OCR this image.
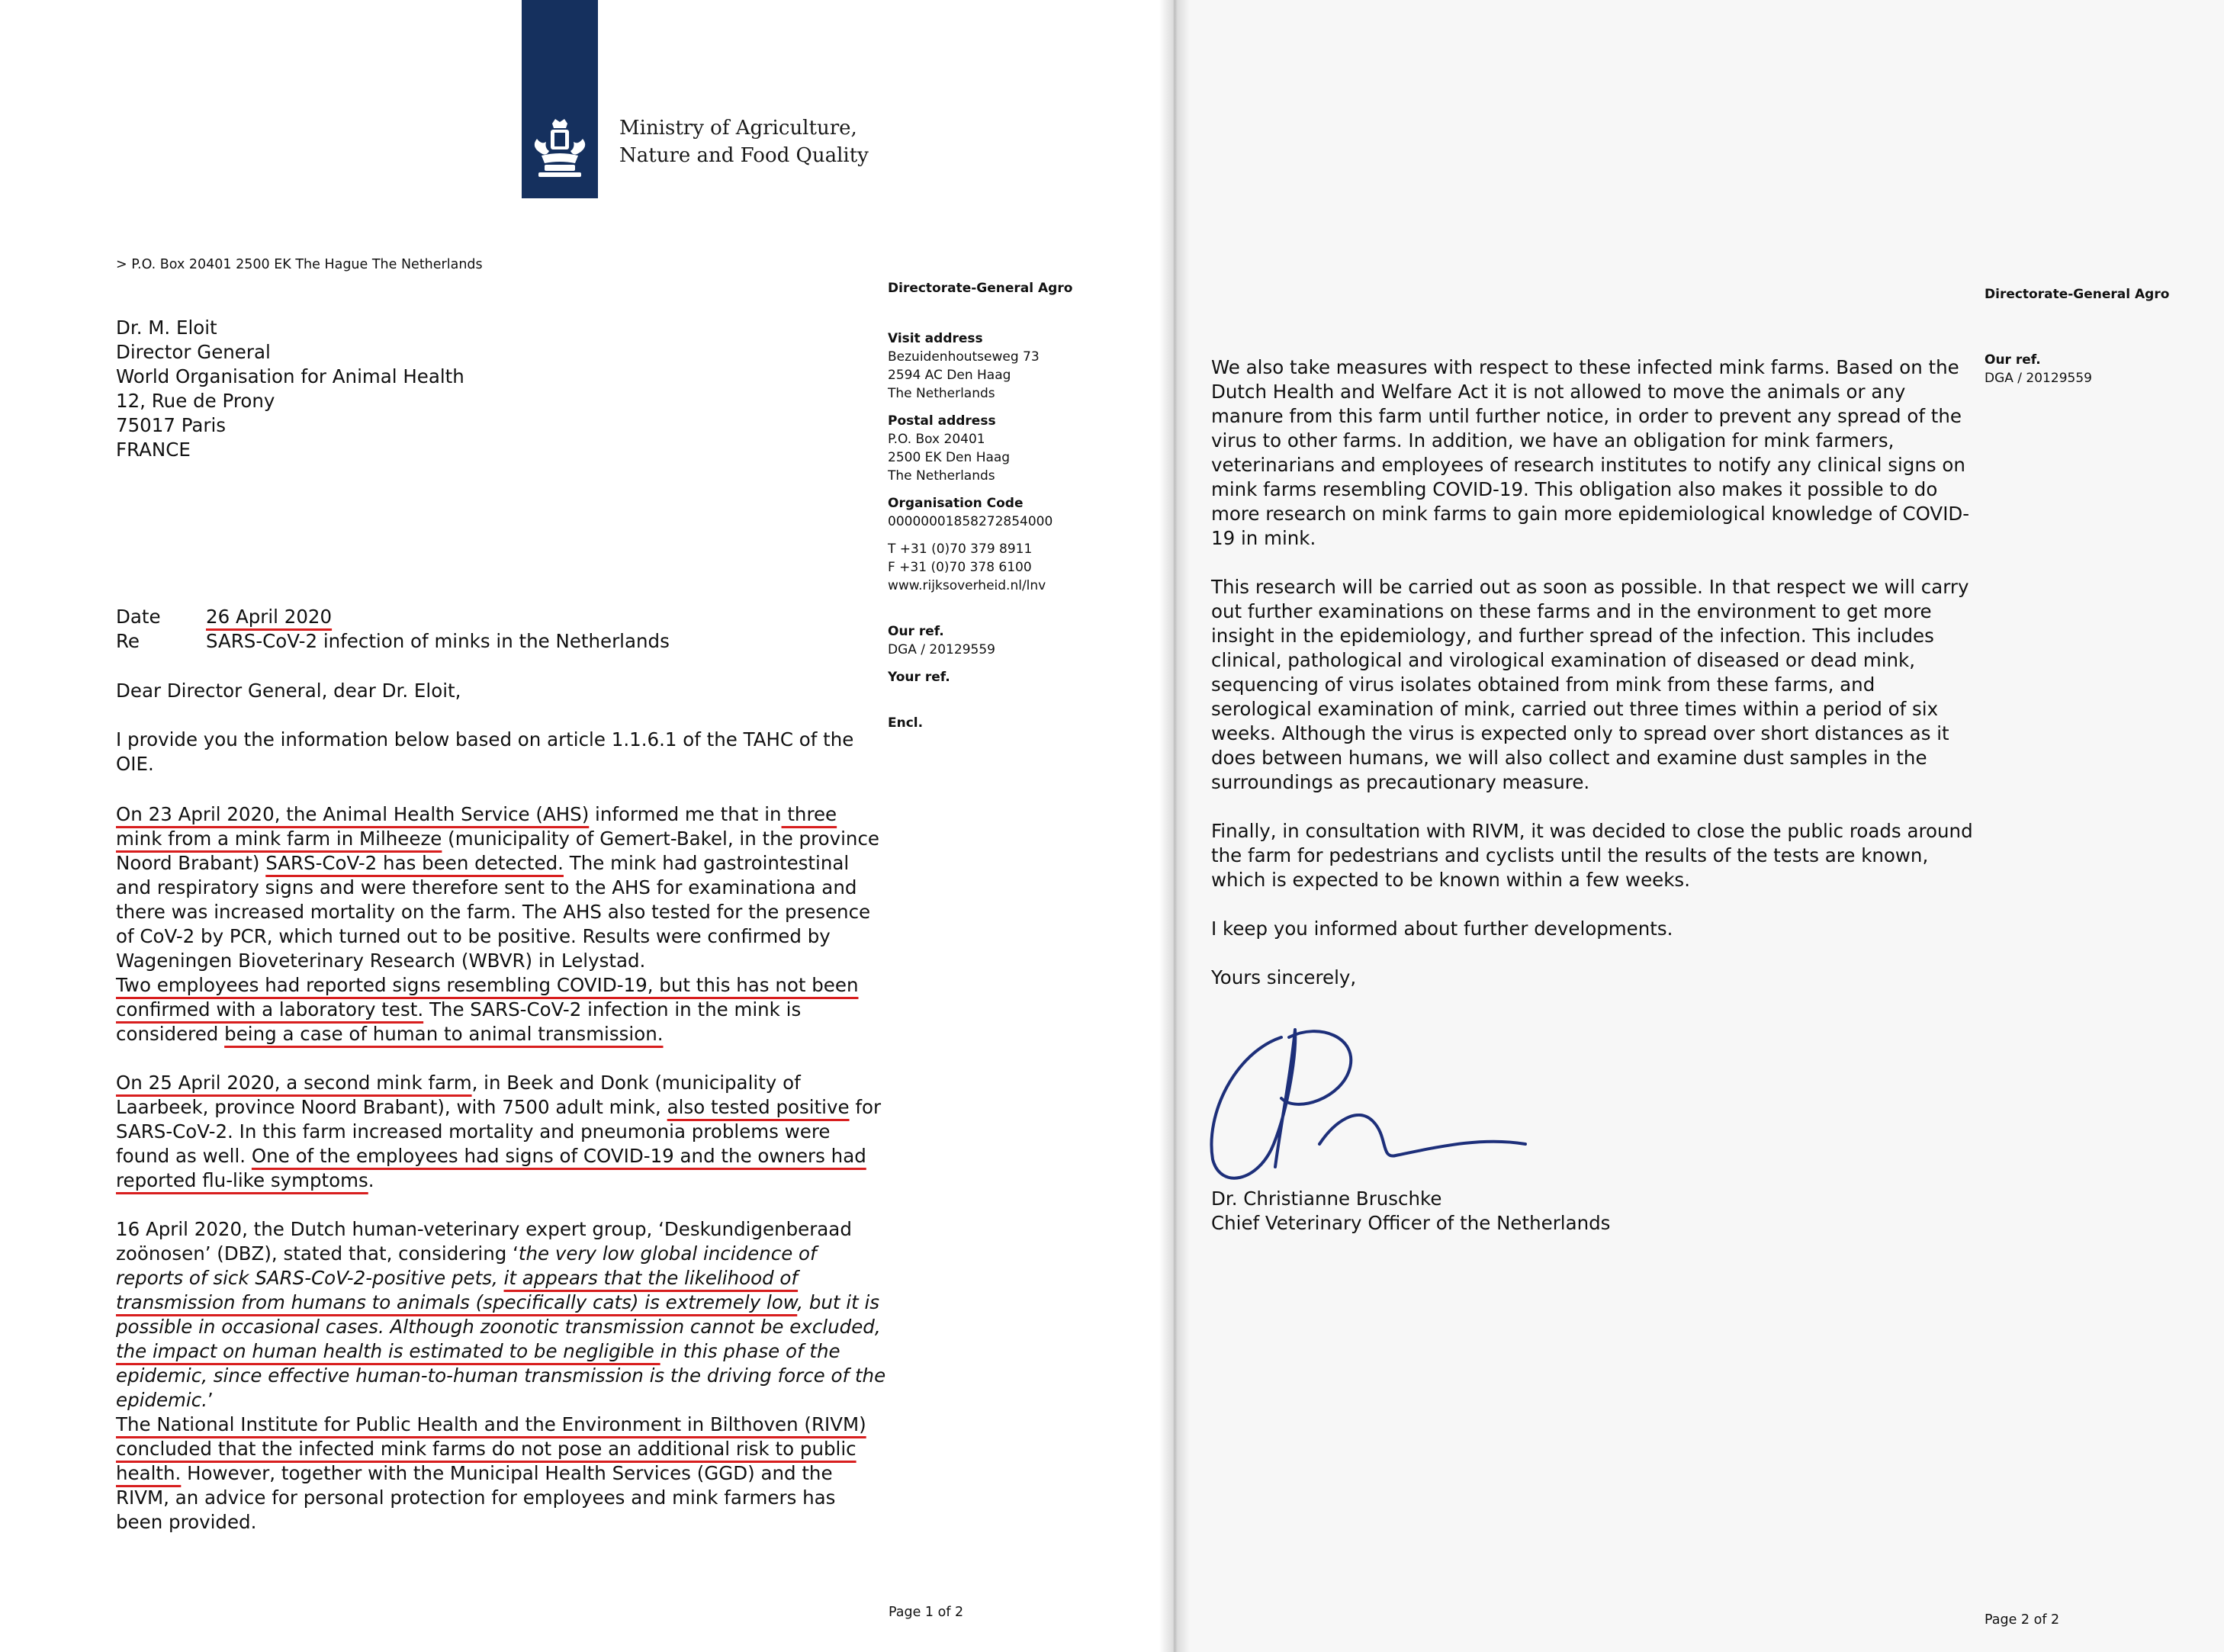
Ministry of Agriculture,
Nature and Food Quality
> P.O. Box 20401 2500 EK The Hague The Netherlands
Dr. M. Eloit
Director General
World Organisation for Animal Health
12, Rue de Prony
75017 Paris
FRANCE
Directorate-General Agro
Visit address
Bezuidenhoutseweg 73
2594 AC Den Haag
The Netherlands
Postal address
P.O. Box 20401
2500 EK Den Haag
The Netherlands
Organisation Code
00000001858272854000
T +31 (0)70 379 8911
F +31 (0)70 378 6100
www.rijksoverheid.nl/lnv
Our ref.
DGA / 20129559
Your ref.
Encl.
Date	26 April 2020
Re	SARS-CoV-2 infection of minks in the Netherlands
Dear Director General, dear Dr. Eloit,
I provide you the information below based on article 1.1.6.1 of the TAHC of the OIE.
On 23 April 2020, the Animal Health Service (AHS) informed me that in three mink from a mink farm in Milheeze (municipality of Gemert-Bakel, in the province Noord Brabant) SARS-CoV-2 has been detected. The mink had gastrointestinal and respiratory signs and were therefore sent to the AHS for examinationa and there was increased mortality on the farm. The AHS also tested for the presence of CoV-2 by PCR, which turned out to be positive. Results were confirmed by Wageningen Bioveterinary Research (WBVR) in Lelystad.
Two employees had reported signs resembling COVID-19, but this has not been confirmed with a laboratory test. The SARS-CoV-2 infection in the mink is considered being a case of human to animal transmission.
On 25 April 2020, a second mink farm, in Beek and Donk (municipality of Laarbeek, province Noord Brabant), with 7500 adult mink, also tested positive for SARS-CoV-2. In this farm increased mortality and pneumonia problems were found as well. One of the employees had signs of COVID-19 and the owners had reported flu-like symptoms.
16 April 2020, the Dutch human-veterinary expert group, ‘Deskundigenberaad zoönosen’ (DBZ), stated that, considering ‘the very low global incidence of reports of sick SARS-CoV-2-positive pets, it appears that the likelihood of transmission from humans to animals (specifically cats) is extremely low, but it is possible in occasional cases. Although zoonotic transmission cannot be excluded, the impact on human health is estimated to be negligible in this phase of the epidemic, since effective human-to-human transmission is the driving force of the epidemic.’
The National Institute for Public Health and the Environment in Bilthoven (RIVM) concluded that the infected mink farms do not pose an additional risk to public health. However, together with the Municipal Health Services (GGD) and the RIVM, an advice for personal protection for employees and mink farmers has been provided.
Page 1 of 2
Directorate-General Agro
Our ref.
DGA / 20129559
Page 2 of 2
We also take measures with respect to these infected mink farms. Based on the Dutch Health and Welfare Act it is not allowed to move the animals or any manure from this farm until further notice, in order to prevent any spread of the virus to other farms. In addition, we have an obligation for mink farmers, veterinarians and employees of research institutes to notify any clinical signs on mink farms resembling COVID-19. This obligation also makes it possible to do more research on mink farms to gain more epidemiological knowledge of COVID-19 in mink.
This research will be carried out as soon as possible. In that respect we will carry out further examinations on these farms and in the environment to get more insight in the epidemiology, and further spread of the infection. This includes clinical, pathological and virological examination of diseased or dead mink, sequencing of virus isolates obtained from mink from these farms, and serological examination of mink, carried out three times within a period of six weeks. Although the virus is expected only to spread over short distances as it does between humans, we will also collect and examine dust samples in the surroundings as precautionary measure.
Finally, in consultation with RIVM, it was decided to close the public roads around the farm for pedestrians and cyclists until the results of the tests are known, which is expected to be known within a few weeks.
I keep you informed about further developments.
Yours sincerely,
Dr. Christianne Bruschke
Chief Veterinary Officer of the Netherlands
